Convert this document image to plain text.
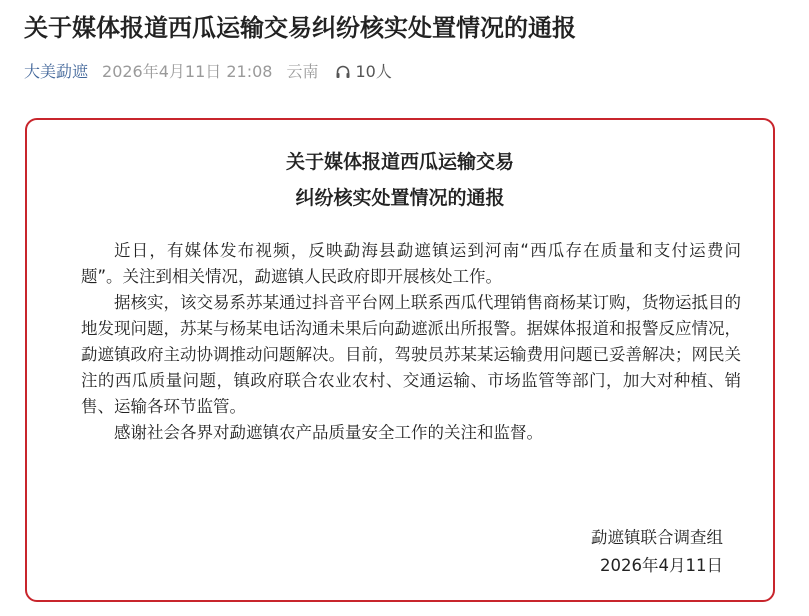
关于媒体报道西瓜运输交易纠纷核实处置情况的通报
大美勐遮 2026年4月11日 21:08 云南 10人
关于媒体报道西瓜运输交易
纠纷核实处置情况的通报

近日，有媒体发布视频，反映勐海县勐遮镇运到河南“西瓜存在质量和支付运费问题”。关注到相关情况，勐遮镇人民政府即开展核处工作。

据核实，该交易系苏某通过抖音平台网上联系西瓜代理销售商杨某订购，货物运抵目的地发现问题，苏某与杨某电话沟通未果后向勐遮派出所报警。据媒体报道和报警反应情况，勐遮镇政府主动协调推动问题解决。目前，驾驶员苏某某运输费用问题已妥善解决；网民关注的西瓜质量问题，镇政府联合农业农村、交通运输、市场监管等部门，加大对种植、销售、运输各环节监管。

感谢社会各界对勐遮镇农产品质量安全工作的关注和监督。

勐遮镇联合调查组
2026年4月11日
